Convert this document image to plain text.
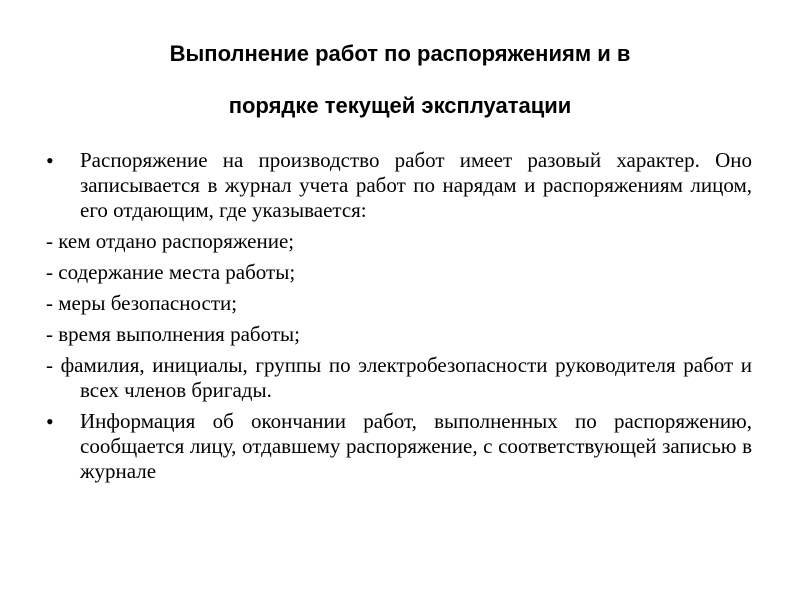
Выполнение работ по распоряжениям и в
порядке текущей эксплуатации
• Распоряжение на производство работ имеет разовый характер. Оно записывается в журнал учета работ по нарядам и распоряжениям лицом, его отдающим, где указывается:
- кем отдано распоряжение;
- содержание места работы;
- меры безопасности;
- время выполнения работы;
- фамилия, инициалы, группы по электробезопасности руководителя работ и всех членов бригады.
• Информация об окончании работ, выполненных по распоряжению, сообщается лицу, отдавшему распоряжение, с соответствующей записью в журнале
